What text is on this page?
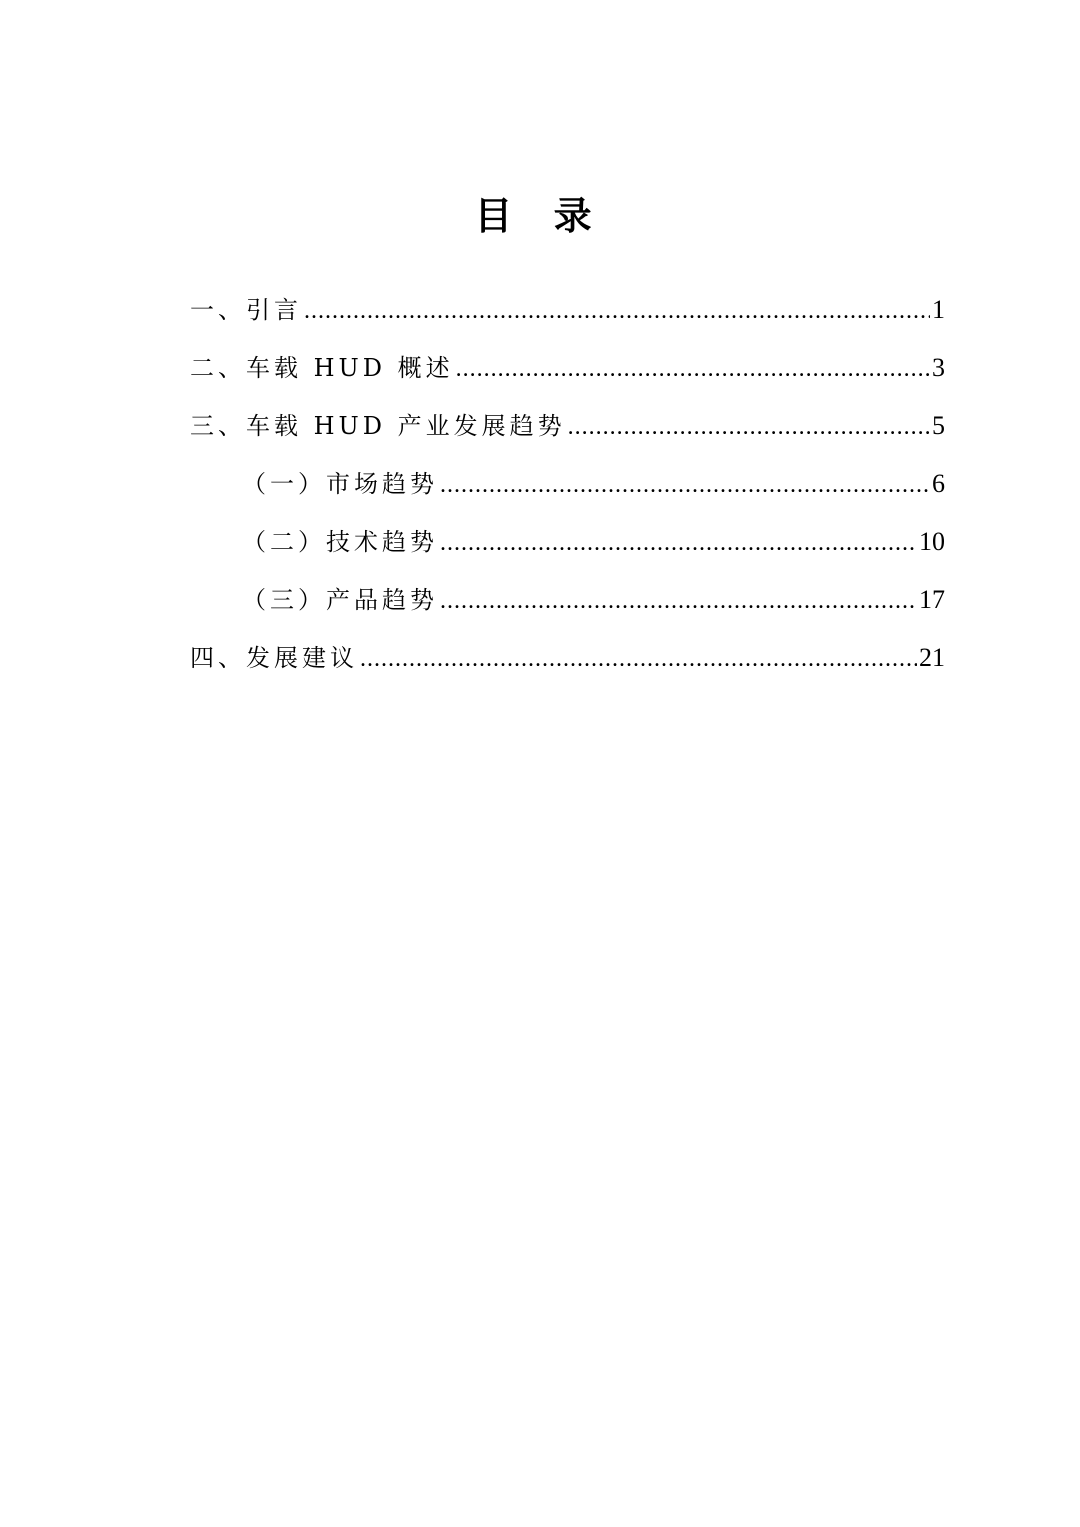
目 录
一、引言 .....	1
二、车载 HUD 概述 .....	3
三、车载 HUD 产业发展趋势 .....	5
（一）市场趋势 .....	6
（二）技术趋势 .....	10
（三）产品趋势 .....	17
四、发展建议 .....	21
